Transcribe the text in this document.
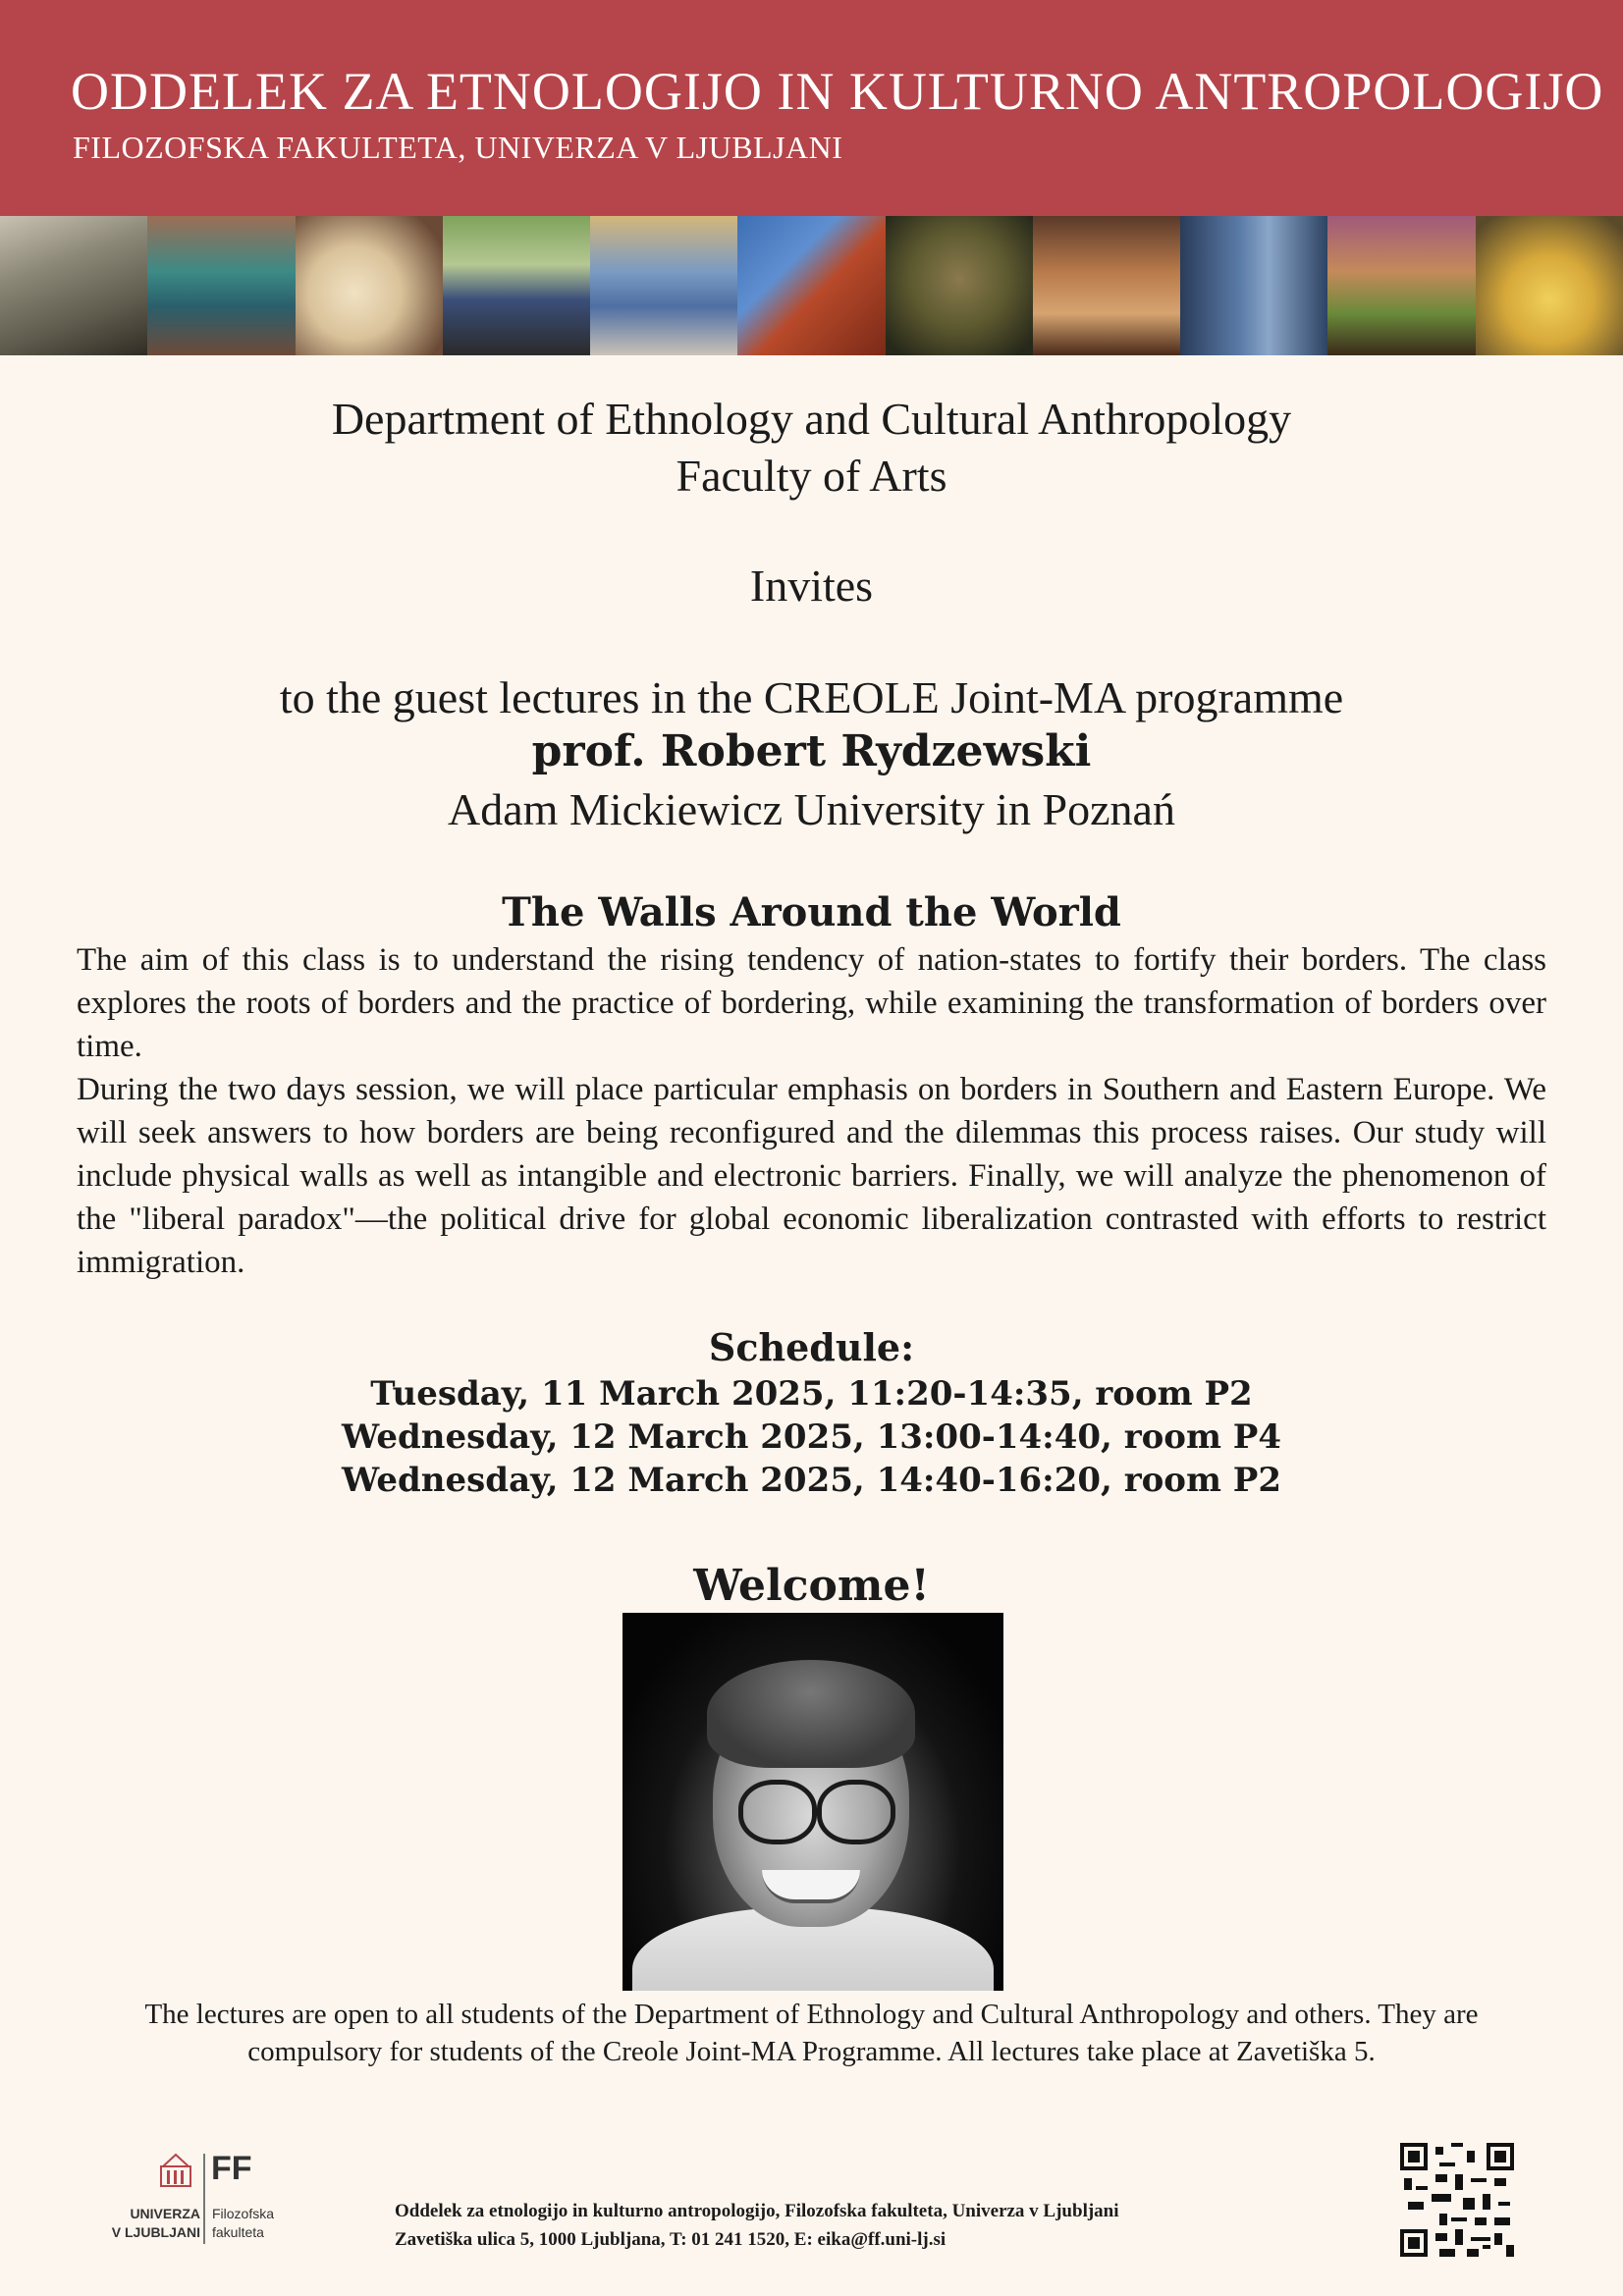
ODDELEK ZA ETNOLOGIJO IN KULTURNO ANTROPOLOGIJO
FILOZOFSKA FAKULTETA, UNIVERZA V LJUBLJANI
Department of Ethnology and Cultural Anthropology
Faculty of Arts
Invites
to the guest lectures in the CREOLE Joint-MA programme
prof. Robert Rydzewski
Adam Mickiewicz University in Poznań
The Walls Around the World

The aim of this class is to understand the rising tendency of nation-states to fortify their borders. The class explores the roots of borders and the practice of bordering, while examining the transformation of borders over time.

During the two days session, we will place particular emphasis on borders in Southern and Eastern Europe. We will seek answers to how borders are being reconfigured and the dilemmas this process raises. Our study will include physical walls as well as intangible and electronic barriers. Finally, we will analyze the phenomenon of the "liberal paradox"—the political drive for global economic liberalization contrasted with efforts to restrict immigration.

Schedule:
Tuesday, 11 March 2025, 11:20-14:35, room P2
Wednesday, 12 March 2025, 13:00-14:40, room P4
Wednesday, 12 March 2025, 14:40-16:20, room P2
Welcome!
The lectures are open to all students of the Department of Ethnology and Cultural Anthropology and others. They are
compulsory for students of the Creole Joint-MA Programme. All lectures take place at Zavetiška 5.
FF
UNIVERZA
V LJUBLJANI
Filozofska
fakulteta
Oddelek za etnologijo in kulturno antropologijo, Filozofska fakulteta, Univerza v Ljubljani
Zavetiška ulica 5, 1000 Ljubljana, T: 01 241 1520, E: eika@ff.uni-lj.si
